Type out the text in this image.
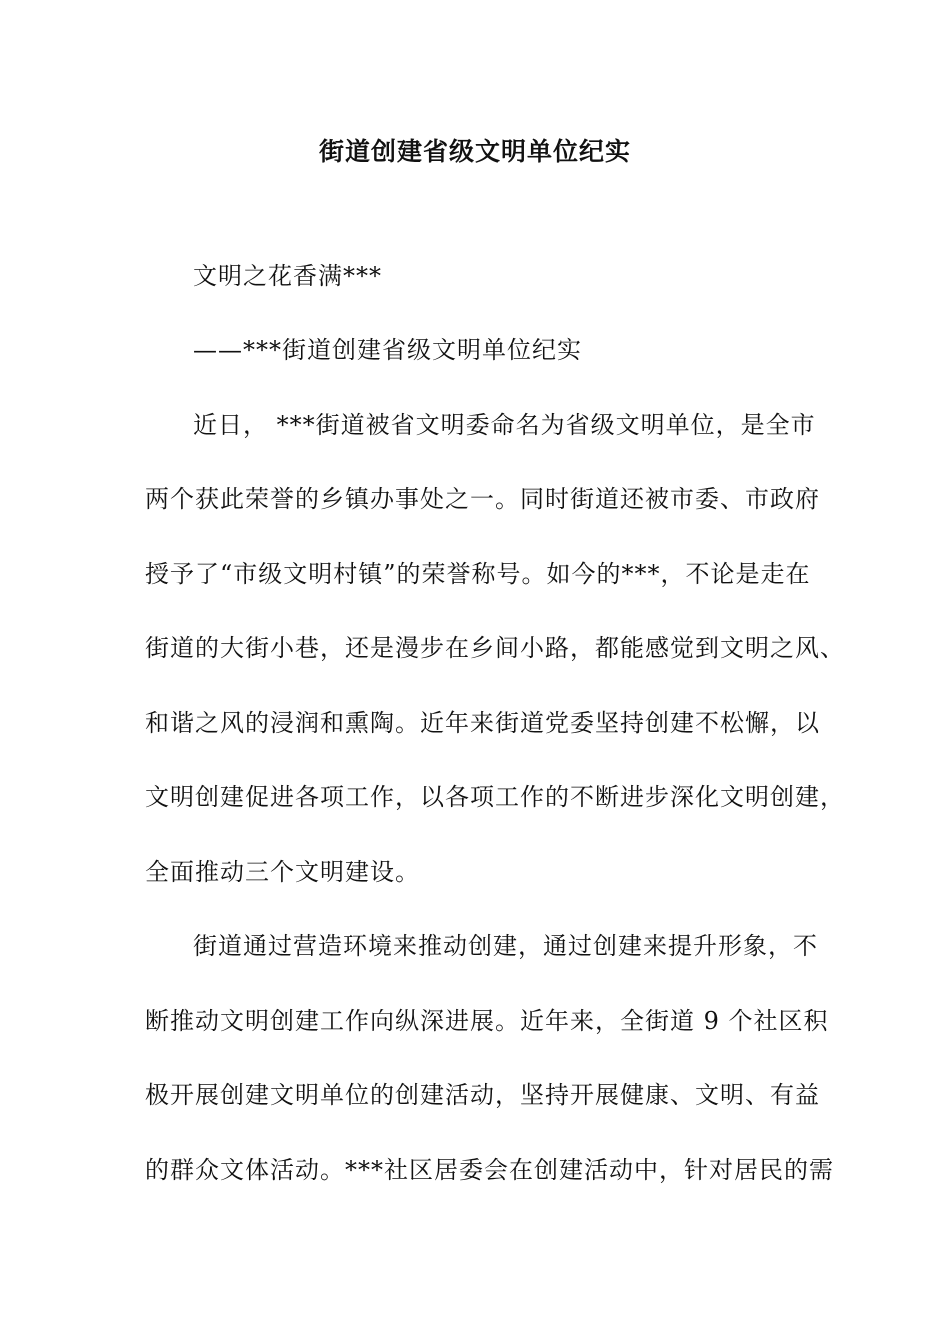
街道创建省级文明单位纪实
文明之花香满***
——***街道创建省级文明单位纪实
近日， ***街道被省文明委命名为省级文明单位，是全市
两个获此荣誉的乡镇办事处之一。同时街道还被市委、市政府
授予了“市级文明村镇”的荣誉称号。如今的***，不论是走在
街道的大街小巷，还是漫步在乡间小路，都能感觉到文明之风、
和谐之风的浸润和熏陶。近年来街道党委坚持创建不松懈，以
文明创建促进各项工作，以各项工作的不断进步深化文明创建，
全面推动三个文明建设。
街道通过营造环境来推动创建，通过创建来提升形象，不
断推动文明创建工作向纵深进展。近年来，全街道 9 个社区积
极开展创建文明单位的创建活动，坚持开展健康、文明、有益
的群众文体活动。***社区居委会在创建活动中，针对居民的需
